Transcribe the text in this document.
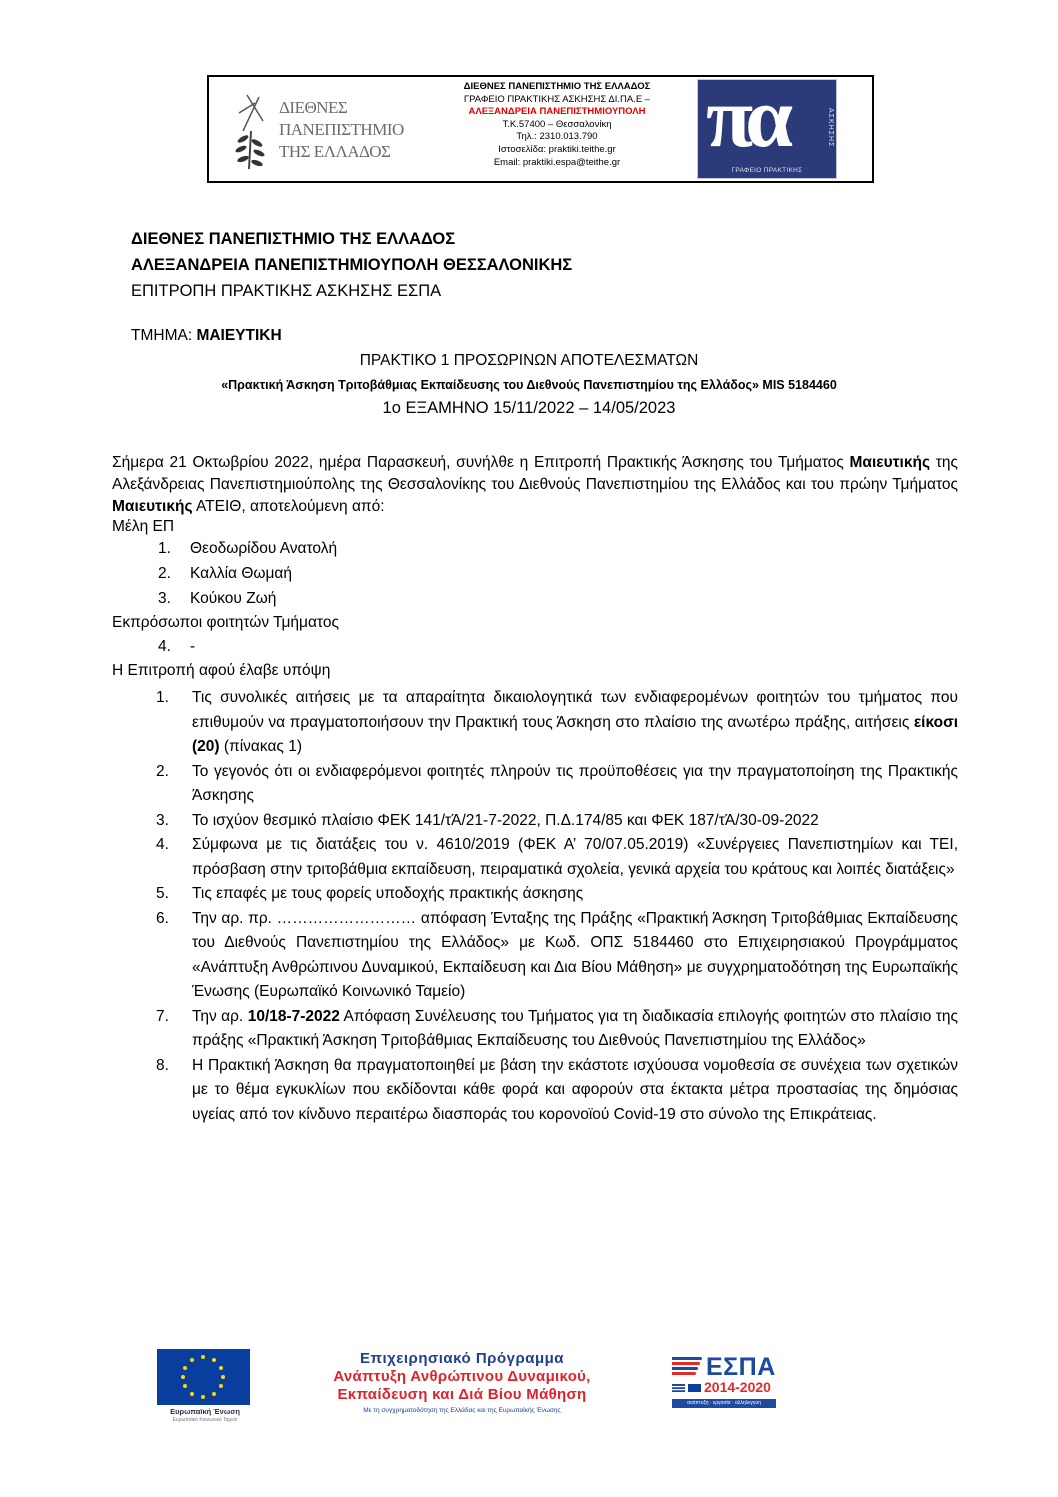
ΔΙΕΘΝΕΣ
ΠΑΝΕΠΙΣΤΗΜΙΟ
ΤΗΣ ΕΛΛΑΔΟΣ
ΔΙΕΘΝΕΣ ΠΑΝΕΠΙΣΤΗΜΙΟ ΤΗΣ ΕΛΛΑΔΟΣ
ΓΡΑΦΕΙΟ ΠΡΑΚΤΙΚΗΣ ΑΣΚΗΣΗΣ ΔΙ.ΠΑ.Ε –
ΑΛΕΞΑΝΔΡΕΙΑ ΠΑΝΕΠΙΣΤΗΜΙΟΥΠΟΛΗ
Τ.Κ.57400 – Θεσσαλονίκη
Τηλ.: 2310.013.790
Ιστοσελίδα: praktiki.teithe.gr
Email: praktiki.espa@teithe.gr πα	ΑΣΚΗΣΗΣ
ΓΡΑΦΕΙΟ ΠΡΑΚΤΙΚΗΣ
ΔΙΕΘΝΕΣ ΠΑΝΕΠΙΣΤΗΜΙΟ ΤΗΣ ΕΛΛΑΔΟΣ
ΑΛΕΞΑΝΔΡΕΙΑ ΠΑΝΕΠΙΣΤΗΜΙΟΥΠΟΛΗ ΘΕΣΣΑΛΟΝΙΚΗΣ
ΕΠΙΤΡΟΠΗ ΠΡΑΚΤΙΚΗΣ ΑΣΚΗΣΗΣ ΕΣΠΑ
ΤΜΗΜΑ: ΜΑΙΕΥΤΙΚΗ
ΠΡΑΚΤΙΚΟ 1 ΠΡΟΣΩΡΙΝΩΝ ΑΠΟΤΕΛΕΣΜΑΤΩΝ
«Πρακτική Άσκηση Τριτοβάθμιας Εκπαίδευσης του Διεθνούς Πανεπιστημίου της Ελλάδος» MIS 5184460
1ο ΕΞΑΜΗΝΟ 15/11/2022 – 14/05/2023
Σήμερα 21 Οκτωβρίου 2022, ημέρα Παρασκευή, συνήλθε η Επιτροπή Πρακτικής Άσκησης του Τμήματος Μαιευτικής της Αλεξάνδρειας Πανεπιστημιούπολης της Θεσσαλονίκης του Διεθνούς Πανεπιστημίου της Ελλάδος και του πρώην Τμήματος Μαιευτικής ΑΤΕΙΘ, αποτελούμενη από:
Μέλη ΕΠ
1. Θεοδωρίδου Ανατολή
2. Καλλία Θωμαή
3. Κούκου Ζωή
Εκπρόσωποι φοιτητών Τμήματος
4. -
Η Επιτροπή αφού έλαβε υπόψη

1. Τις συνολικές αιτήσεις με τα απαραίτητα δικαιολογητικά των ενδιαφερομένων φοιτητών του τμήματος που επιθυμούν να πραγματοποιήσουν την Πρακτική τους Άσκηση στο πλαίσιο της ανωτέρω πράξης, αιτήσεις είκοσι (20) (πίνακας 1)

2. Το γεγονός ότι οι ενδιαφερόμενοι φοιτητές πληρούν τις προϋποθέσεις για την πραγματοποίηση της Πρακτικής Άσκησης

3. Το ισχύον θεσμικό πλαίσιο ΦΕΚ 141/τΆ/21-7-2022, Π.Δ.174/85 και ΦΕΚ 187/τΆ/30-09-2022

4. Σύμφωνα με τις διατάξεις του ν. 4610/2019 (ΦΕΚ Α’ 70/07.05.2019) «Συνέργειες Πανεπιστημίων και ΤΕΙ, πρόσβαση στην τριτοβάθμια εκπαίδευση, πειραματικά σχολεία, γενικά αρχεία του κράτους και λοιπές διατάξεις»

5. Τις επαφές με τους φορείς υποδοχής πρακτικής άσκησης

6. Την αρ. πρ. ……………………… απόφαση Ένταξης της Πράξης «Πρακτική Άσκηση Τριτοβάθμιας Εκπαίδευσης του Διεθνούς Πανεπιστημίου της Ελλάδος» με Κωδ. ΟΠΣ 5184460 στο Επιχειρησιακού Προγράμματος «Ανάπτυξη Ανθρώπινου Δυναμικού, Εκπαίδευση και Δια Βίου Μάθηση» με συγχρηματοδότηση της Ευρωπαϊκής Ένωσης (Ευρωπαϊκό Κοινωνικό Ταμείο)

7. Την αρ. 10/18-7-2022 Απόφαση Συνέλευσης του Τμήματος για τη διαδικασία επιλογής φοιτητών στο πλαίσιο της πράξης «Πρακτική Άσκηση Τριτοβάθμιας Εκπαίδευσης του Διεθνούς Πανεπιστημίου της Ελλάδος»

8. Η Πρακτική Άσκηση θα πραγματοποιηθεί με βάση την εκάστοτε ισχύουσα νομοθεσία σε συνέχεια των σχετικών με το θέμα εγκυκλίων που εκδίδονται κάθε φορά και αφορούν στα έκτακτα μέτρα προστασίας της δημόσιας υγείας από τον κίνδυνο περαιτέρω διασποράς του κορονοϊού Covid-19 στο σύνολο της Επικράτειας.

Ευρωπαϊκή Ένωση
Ευρωπαϊκό Κοινωνικό Ταμείο
Επιχειρησιακό Πρόγραμμα
Ανάπτυξη Ανθρώπινου Δυναμικού,
Εκπαίδευση και Διά Βίου Μάθηση
Με τη συγχρηματοδότηση της Ελλάδας και της Ευρωπαϊκής Ένωσης
ΕΣΠΑ
2014-2020
ανάπτυξη · εργασία · αλληλεγγύη
